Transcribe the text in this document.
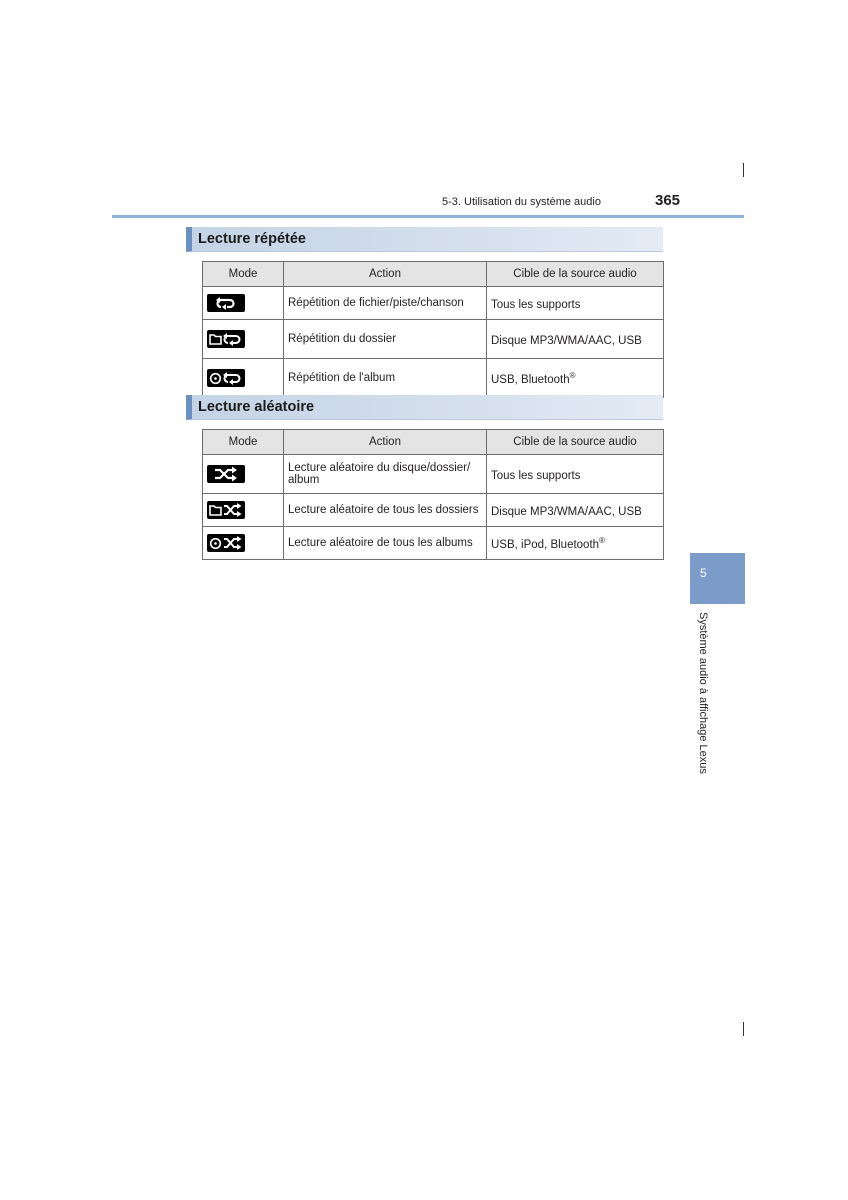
5-3. Utilisation du système audio	365
Lecture répétée
Mode	Action	Cible de la source audio

	Répétition de fichier/piste/chanson	Tous les supports

	Répétition du dossier	Disque MP3/WMA/AAC, USB

	Répétition de l'album	USB, Bluetooth®
Lecture aléatoire
Mode	Action	Cible de la source audio

	Lecture aléatoire du disque/dossier/ album	Tous les supports

	Lecture aléatoire de tous les dossiers	Disque MP3/WMA/AAC, USB

	Lecture aléatoire de tous les albums	USB, iPod, Bluetooth®
5
Système audio à affichage Lexus
